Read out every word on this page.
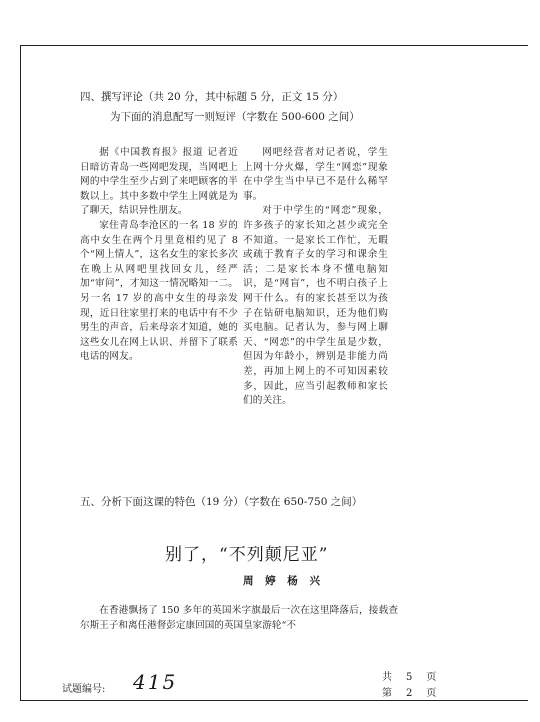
四、撰写评论（共 20 分，其中标题 5 分，正文 15 分）
为下面的消息配写一则短评（字数在 500-600 之间）

据《中国教育报》报道 记者近日暗访青岛一些网吧发现，当网吧上网的中学生至少占到了来吧顾客的半数以上。其中多数中学生上网就是为了聊天，结识异性朋友。

家住青岛李沧区的一名 18 岁的高中女生在两个月里竟相约见了 8 个“网上情人”，这名女生的家长多次在晚上从网吧里找回女儿，经严加“审问”，才知这一情况略知一二。另一名 17 岁的高中女生的母亲发现，近日往家里打来的电话中有不少男生的声音，后来母亲才知道，她的这些女儿在网上认识、并留下了联系电话的网友。

网吧经营者对记者说，学生上网十分火爆，学生“网恋”现象在中学生当中早已不是什么稀罕事。

对于中学生的“网恋”现象，许多孩子的家长知之甚少或完全不知道。一是家长工作忙，无暇或疏于教育子女的学习和课余生活；二是家长本身不懂电脑知识，是“网盲”，也不明白孩子上网干什么。有的家长甚至以为孩子在钻研电脑知识，还为他们购买电脑。记者认为，参与网上聊天、“网恋”的中学生虽是少数，但因为年龄小，辨别是非能力尚差，再加上网上的不可知因素较多，因此，应当引起教师和家长们的关注。

五、分析下面这课的特色（19 分）（字数在 650-750 之间）
别了，“不列颠尼亚”
周 婷 杨 兴

在香港飘扬了 150 多年的英国米字旗最后一次在这里降落后，接载查尔斯王子和离任港督彭定康回国的英国皇家游轮“不

试题编号: 415	共 5 页
第 2 页
